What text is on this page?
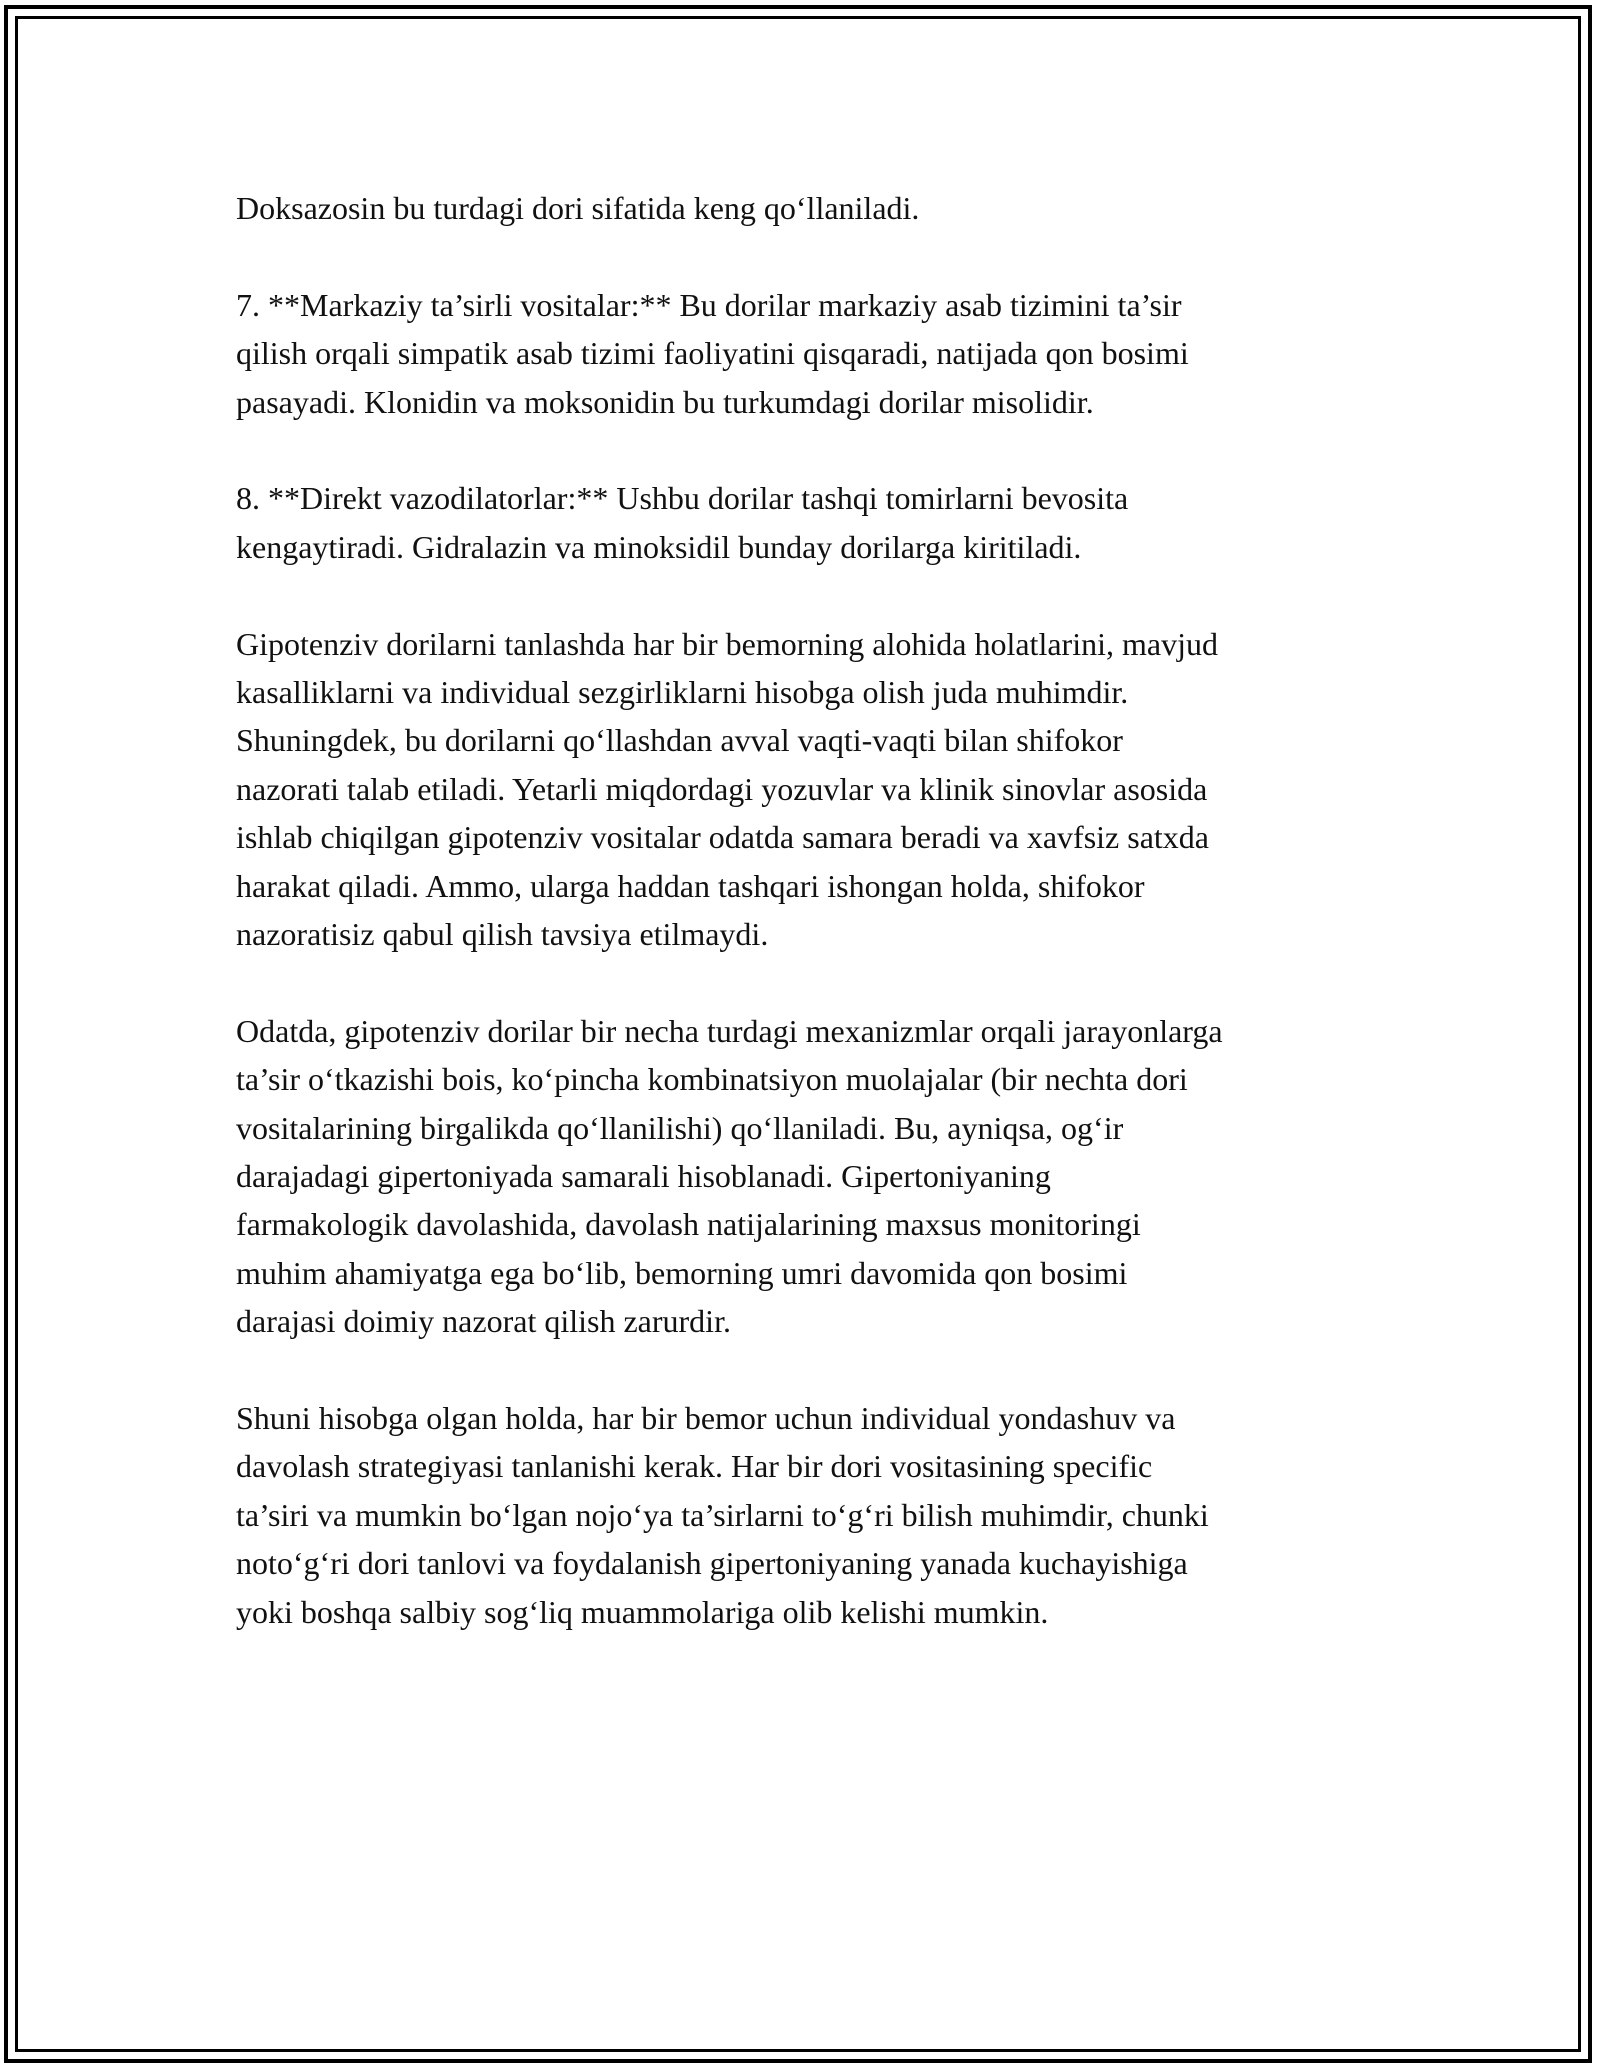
Doksazosin bu turdagi dori sifatida keng qo‘llaniladi.

7. **Markaziy ta’sirli vositalar:** Bu dorilar markaziy asab tizimini ta’sir
qilish orqali simpatik asab tizimi faoliyatini qisqaradi, natijada qon bosimi
pasayadi. Klonidin va moksonidin bu turkumdagi dorilar misolidir.

8. **Direkt vazodilatorlar:** Ushbu dorilar tashqi tomirlarni bevosita
kengaytiradi. Gidralazin va minoksidil bunday dorilarga kiritiladi.

Gipotenziv dorilarni tanlashda har bir bemorning alohida holatlarini, mavjud
kasalliklarni va individual sezgirliklarni hisobga olish juda muhimdir.
Shuningdek, bu dorilarni qo‘llashdan avval vaqti-vaqti bilan shifokor
nazorati talab etiladi. Yetarli miqdordagi yozuvlar va klinik sinovlar asosida
ishlab chiqilgan gipotenziv vositalar odatda samara beradi va xavfsiz satxda
harakat qiladi. Ammo, ularga haddan tashqari ishongan holda, shifokor
nazoratisiz qabul qilish tavsiya etilmaydi.

Odatda, gipotenziv dorilar bir necha turdagi mexanizmlar orqali jarayonlarga
ta’sir o‘tkazishi bois, ko‘pincha kombinatsiyon muolajalar (bir nechta dori
vositalarining birgalikda qo‘llanilishi) qo‘llaniladi. Bu, ayniqsa, og‘ir
darajadagi gipertoniyada samarali hisoblanadi. Gipertoniyaning
farmakologik davolashida, davolash natijalarining maxsus monitoringi
muhim ahamiyatga ega bo‘lib, bemorning umri davomida qon bosimi
darajasi doimiy nazorat qilish zarurdir.

Shuni hisobga olgan holda, har bir bemor uchun individual yondashuv va
davolash strategiyasi tanlanishi kerak. Har bir dori vositasining specific
ta’siri va mumkin bo‘lgan nojo‘ya ta’sirlarni to‘g‘ri bilish muhimdir, chunki
noto‘g‘ri dori tanlovi va foydalanish gipertoniyaning yanada kuchayishiga
yoki boshqa salbiy sog‘liq muammolariga olib kelishi mumkin.
